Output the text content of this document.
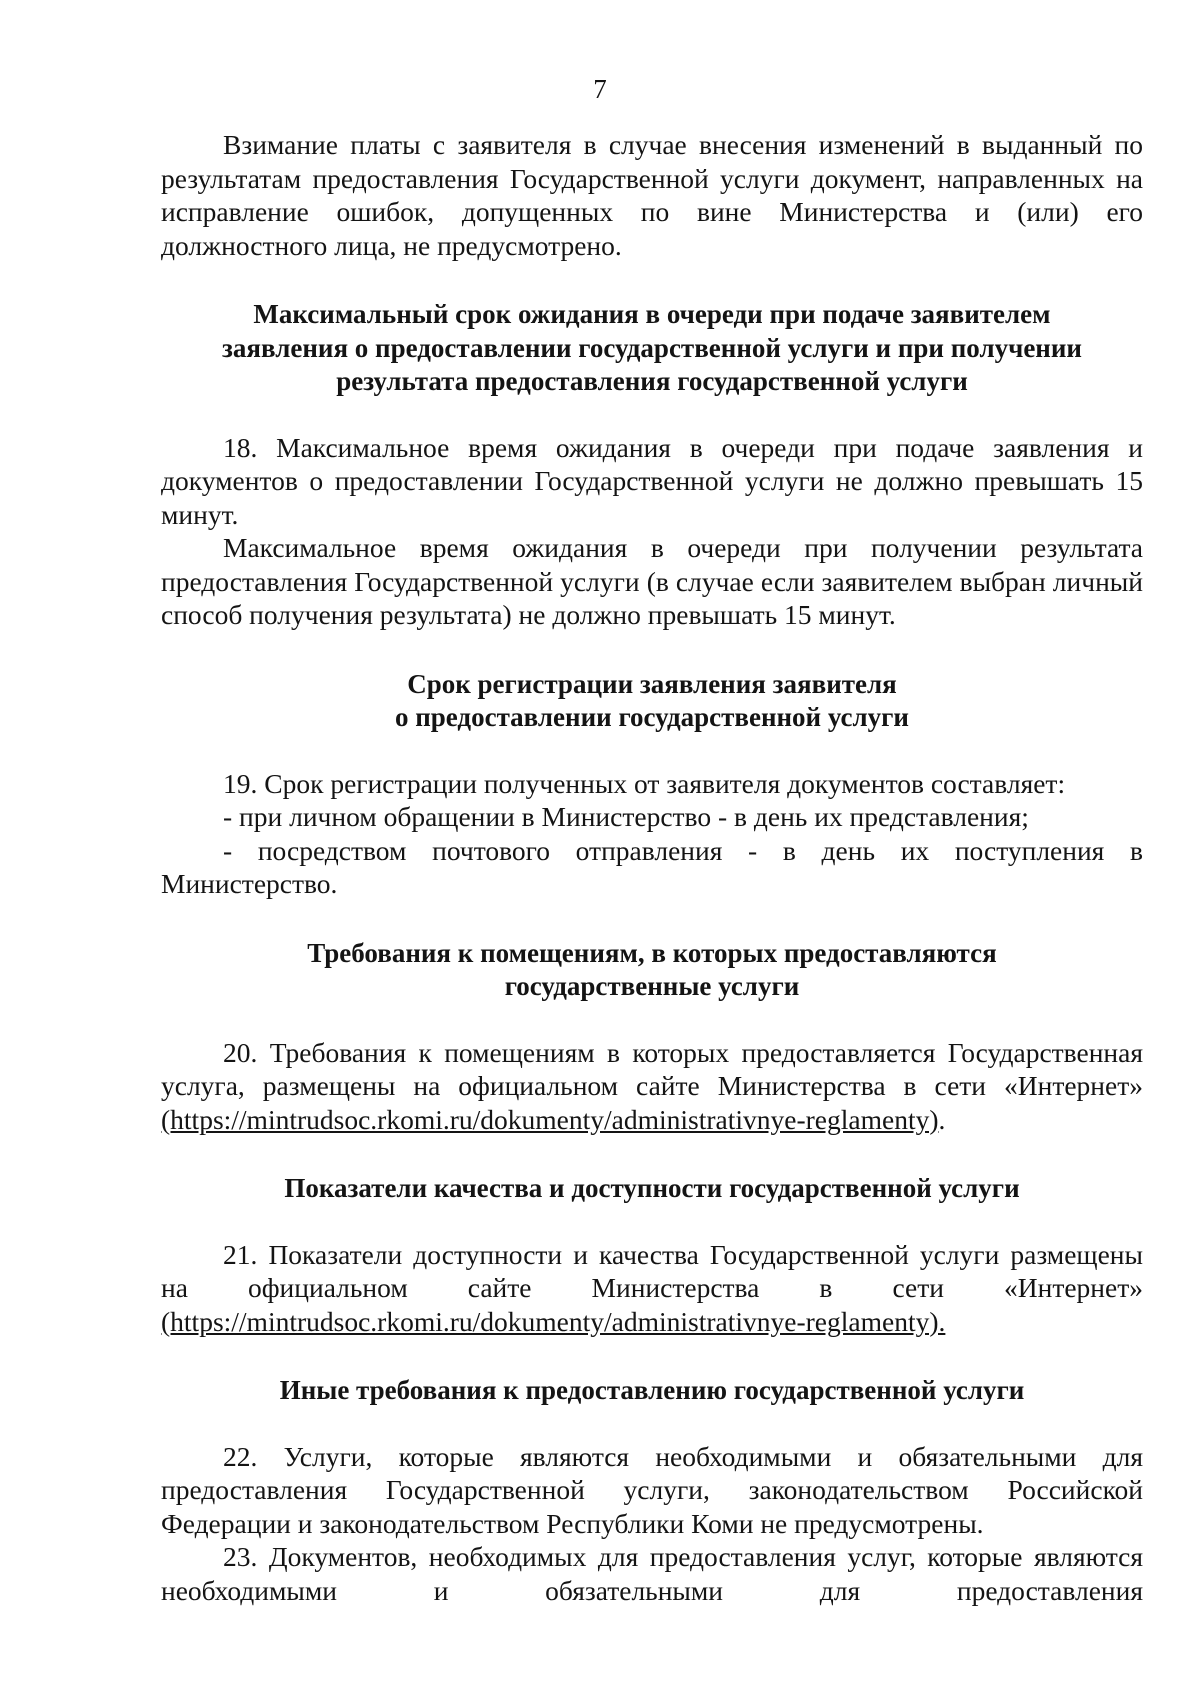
7

Взимание платы с заявителя в случае внесения изменений в выданный по результатам предоставления Государственной услуги документ, направленных на исправление ошибок, допущенных по вине Министерства и (или) его должностного лица, не предусмотрено.

Максимальный срок ожидания в очереди при подаче заявителем
заявления о предоставлении государственной услуги и при получении
результата предоставления государственной услуги

18. Максимальное время ожидания в очереди при подаче заявления и документов о предоставлении Государственной услуги не должно превышать 15 минут.

Максимальное время ожидания в очереди при получении результата предоставления Государственной услуги (в случае если заявителем выбран личный способ получения результата) не должно превышать 15 минут.

Срок регистрации заявления заявителя
о предоставлении государственной услуги

19. Срок регистрации полученных от заявителя документов составляет:

- при личном обращении в Министерство - в день их представления;

- посредством почтового отправления - в день их поступления в Министерство.

Требования к помещениям, в которых предоставляются
государственные услуги

20. Требования к помещениям в которых предоставляется Государственная услуга, размещены на официальном сайте Министерства в сети «Интернет» (https://mintrudsoc.rkomi.ru/dokumenty/administrativnye-reglamenty).

Показатели качества и доступности государственной услуги

21. Показатели доступности и качества Государственной услуги размещены на официальном сайте Министерства в сети «Интернет» (https://mintrudsoc.rkomi.ru/dokumenty/administrativnye-reglamenty).

Иные требования к предоставлению государственной услуги

22. Услуги, которые являются необходимыми и обязательными для предоставления Государственной услуги, законодательством Российской Федерации и законодательством Республики Коми не предусмотрены.

23. Документов, необходимых для предоставления услуг, которые являются необходимыми и обязательными для предоставления
